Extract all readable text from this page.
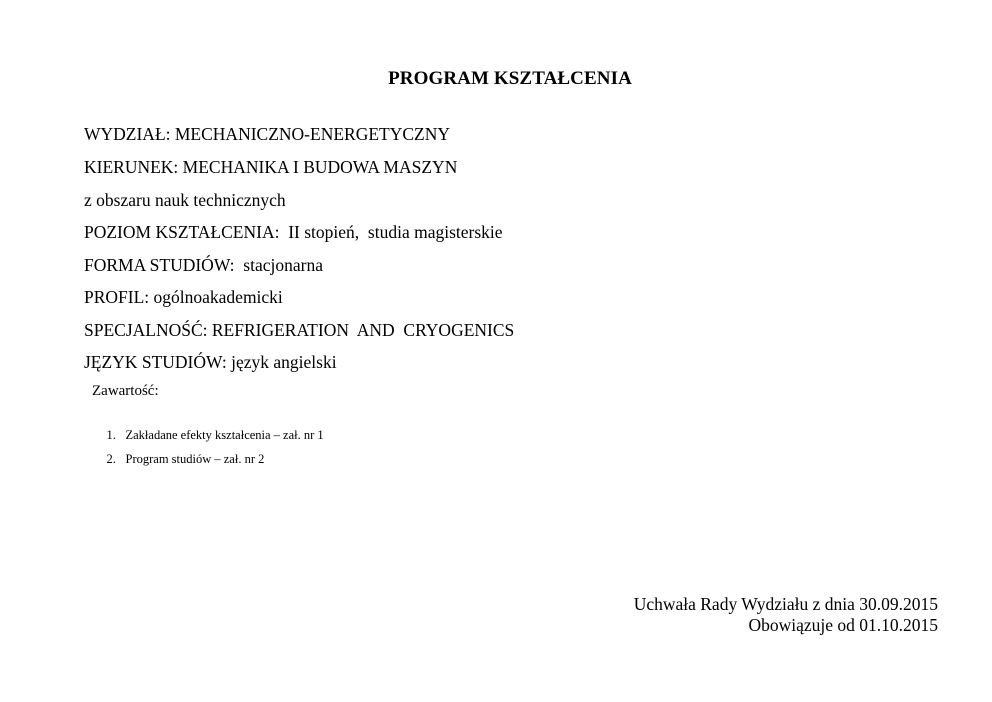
PROGRAM KSZTAŁCENIA
WYDZIAŁ: MECHANICZNO-ENERGETYCZNY
KIERUNEK: MECHANIKA I BUDOWA MASZYN
z obszaru nauk technicznych
POZIOM KSZTAŁCENIA:  II stopień,  studia magisterskie
FORMA STUDIÓW:  stacjonarna
PROFIL: ogólnoakademicki
SPECJALNOŚĆ: REFRIGERATION  AND  CRYOGENICS
JĘZYK STUDIÓW: język angielski
Zawartość:

1. Zakładane efekty kształcenia – zał. nr 1

2. Program studiów – zał. nr 2

Uchwała Rady Wydziału z dnia 30.09.2015
Obowiązuje od 01.10.2015
